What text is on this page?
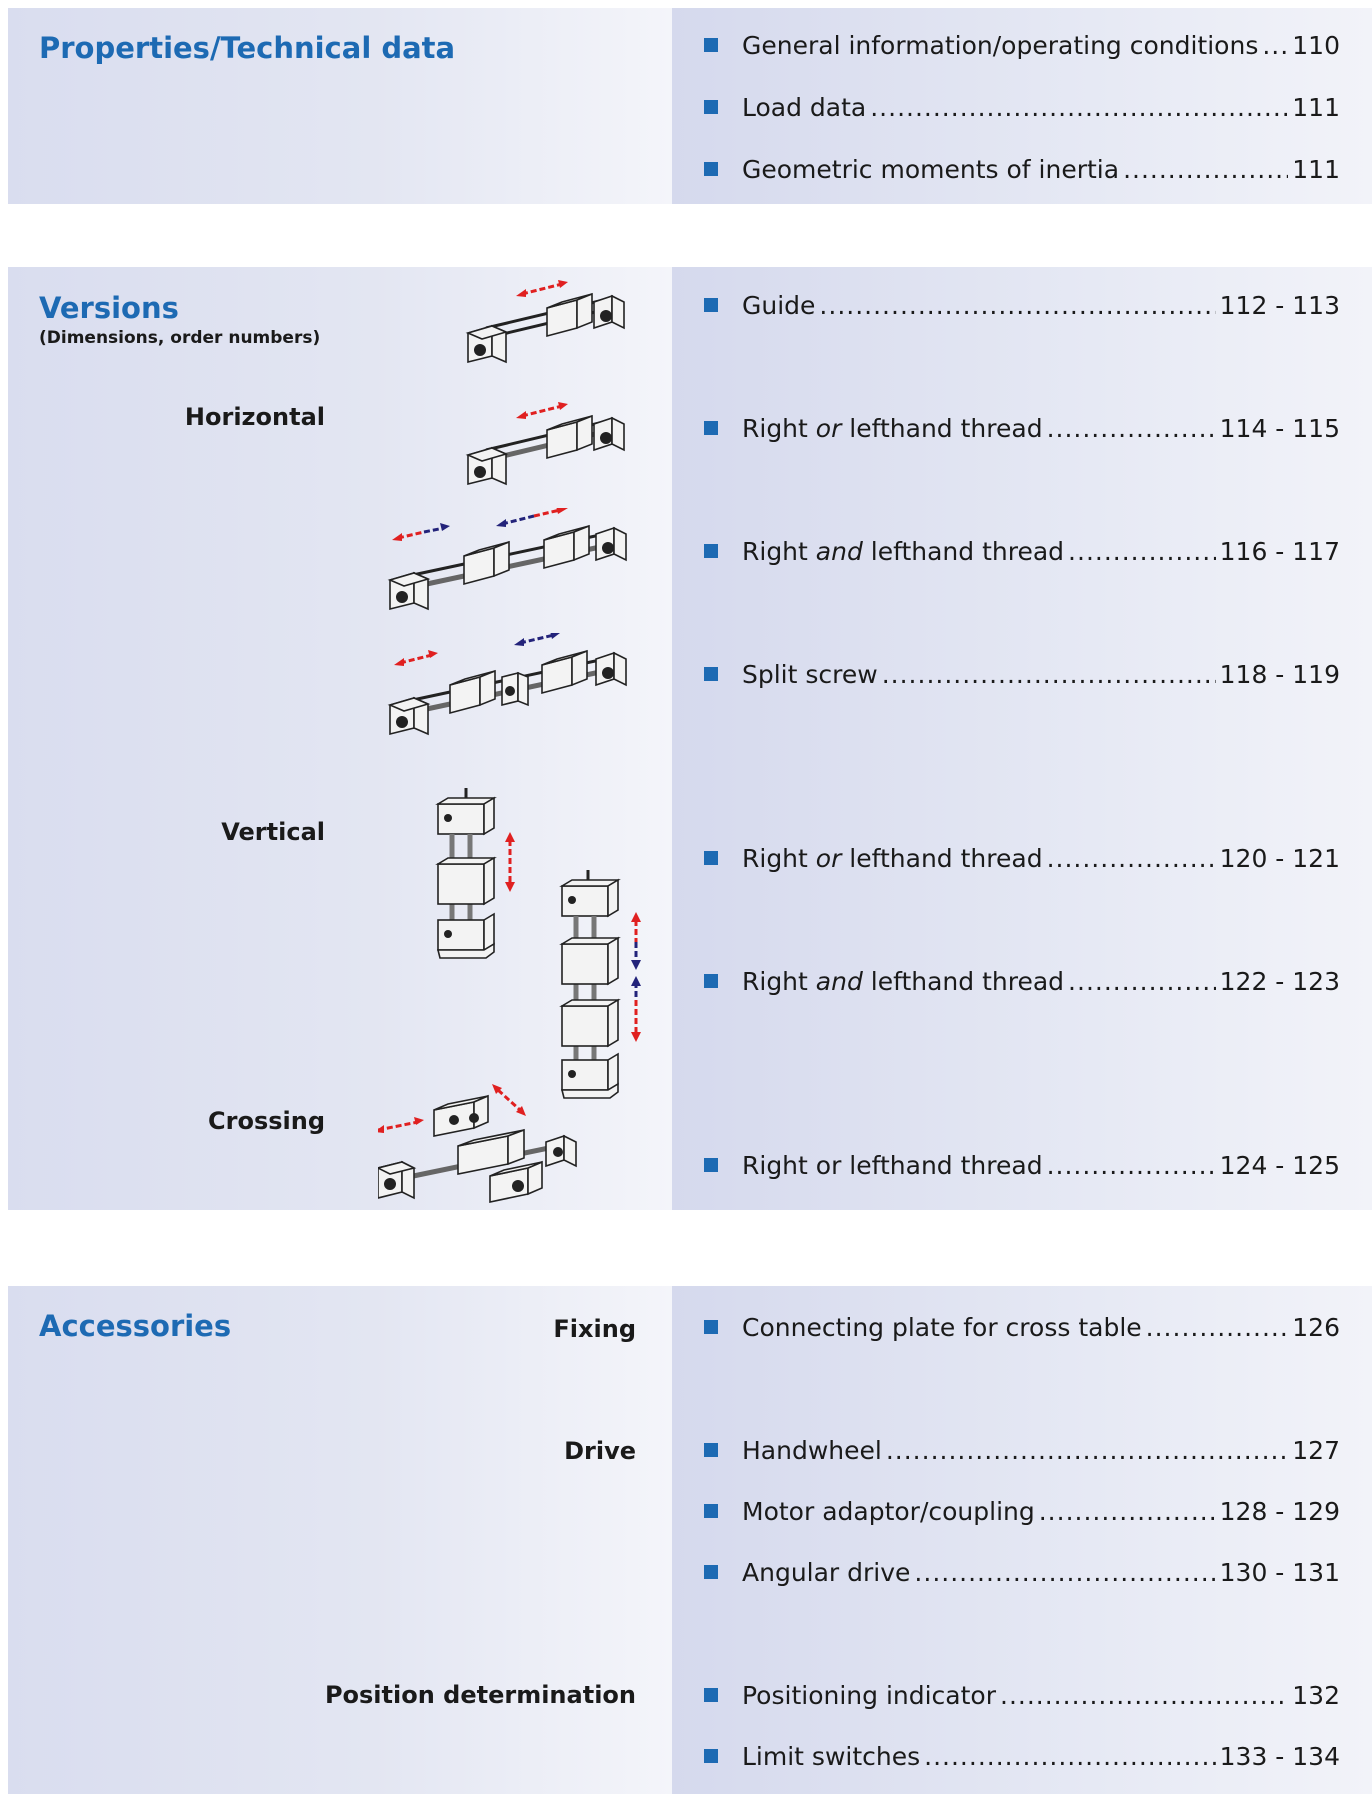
Properties/Technical data	General information/operating conditions ..... 110
Load data .....	111
Geometric moments of inertia .....	111
Versions
(Dimensions, order numbers)
Horizontal
Vertical
Crossing
Guide .....	112 - 113
Right or lefthand thread .....	114 - 115
Right and lefthand thread .....	116 - 117
Split screw .....	118 - 119
Right or lefthand thread .....	120 - 121
Right and lefthand thread .....	122 - 123
Right or lefthand thread .....	124 - 125
Accessories	Fixing
Drive
Position determination
Connecting plate for cross table .....	126
Handwheel .....	127
Motor adaptor/coupling .....	128 - 129
Angular drive .....	130 - 131
Positioning indicator .....	132
Limit switches .....	133 - 134
